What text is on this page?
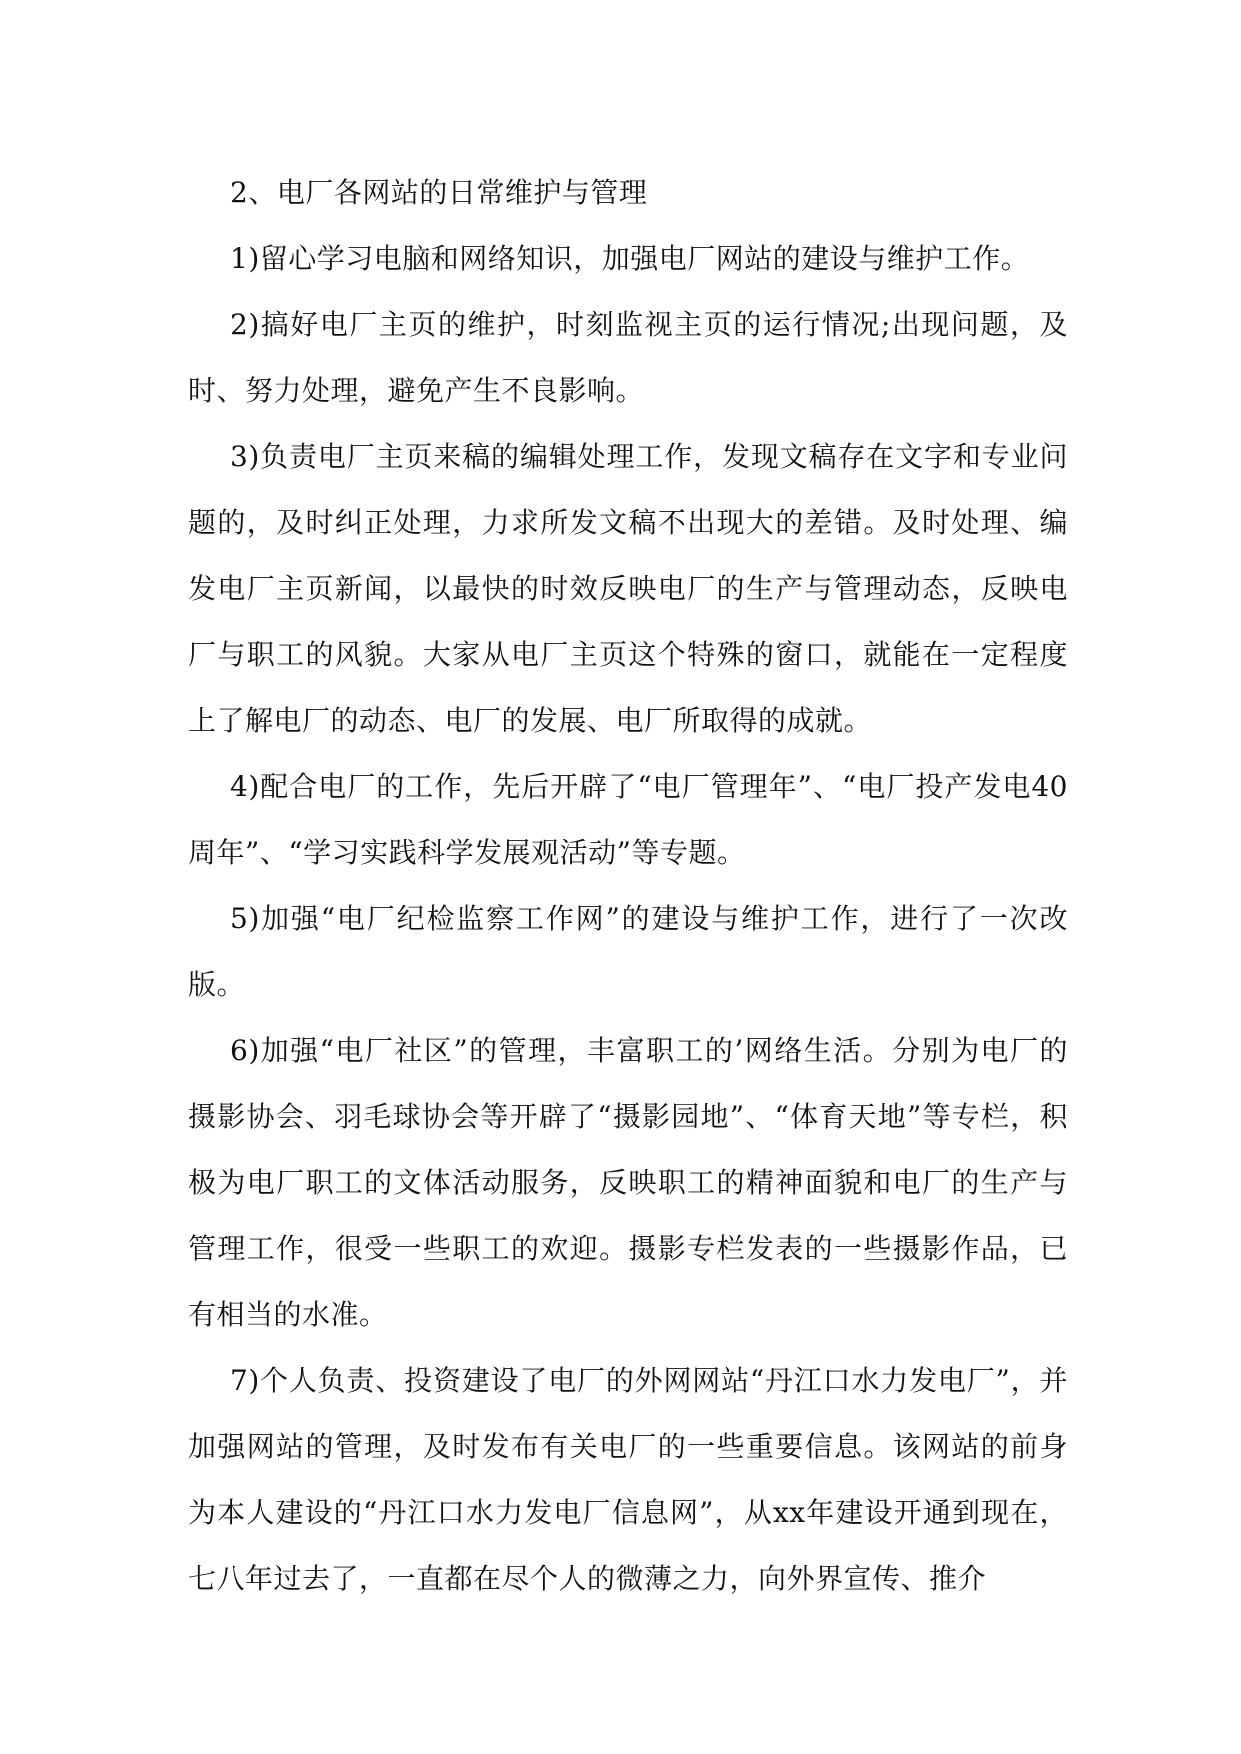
2、电厂各网站的日常维护与管理

1)留心学习电脑和网络知识，加强电厂网站的建设与维护工作。

2)搞好电厂主页的维护，时刻监视主页的运行情况;出现问题，及时、努力处理，避免产生不良影响。

3)负责电厂主页来稿的编辑处理工作，发现文稿存在文字和专业问题的，及时纠正处理，力求所发文稿不出现大的差错。及时处理、编发电厂主页新闻，以最快的时效反映电厂的生产与管理动态，反映电厂与职工的风貌。大家从电厂主页这个特殊的窗口，就能在一定程度上了解电厂的动态、电厂的发展、电厂所取得的成就。

4)配合电厂的工作，先后开辟了“电厂管理年”、“电厂投产发电40周年”、“学习实践科学发展观活动”等专题。

5)加强“电厂纪检监察工作网”的建设与维护工作，进行了一次改版。

6)加强“电厂社区”的管理，丰富职工的’网络生活。分别为电厂的摄影协会、羽毛球协会等开辟了“摄影园地”、“体育天地”等专栏，积极为电厂职工的文体活动服务，反映职工的精神面貌和电厂的生产与管理工作，很受一些职工的欢迎。摄影专栏发表的一些摄影作品，已有相当的水准。

7)个人负责、投资建设了电厂的外网网站“丹江口水力发电厂”，并加强网站的管理，及时发布有关电厂的一些重要信息。该网站的前身为本人建设的“丹江口水力发电厂信息网”，从xx年建设开通到现在，七八年过去了，一直都在尽个人的微薄之力，向外界宣传、推介
